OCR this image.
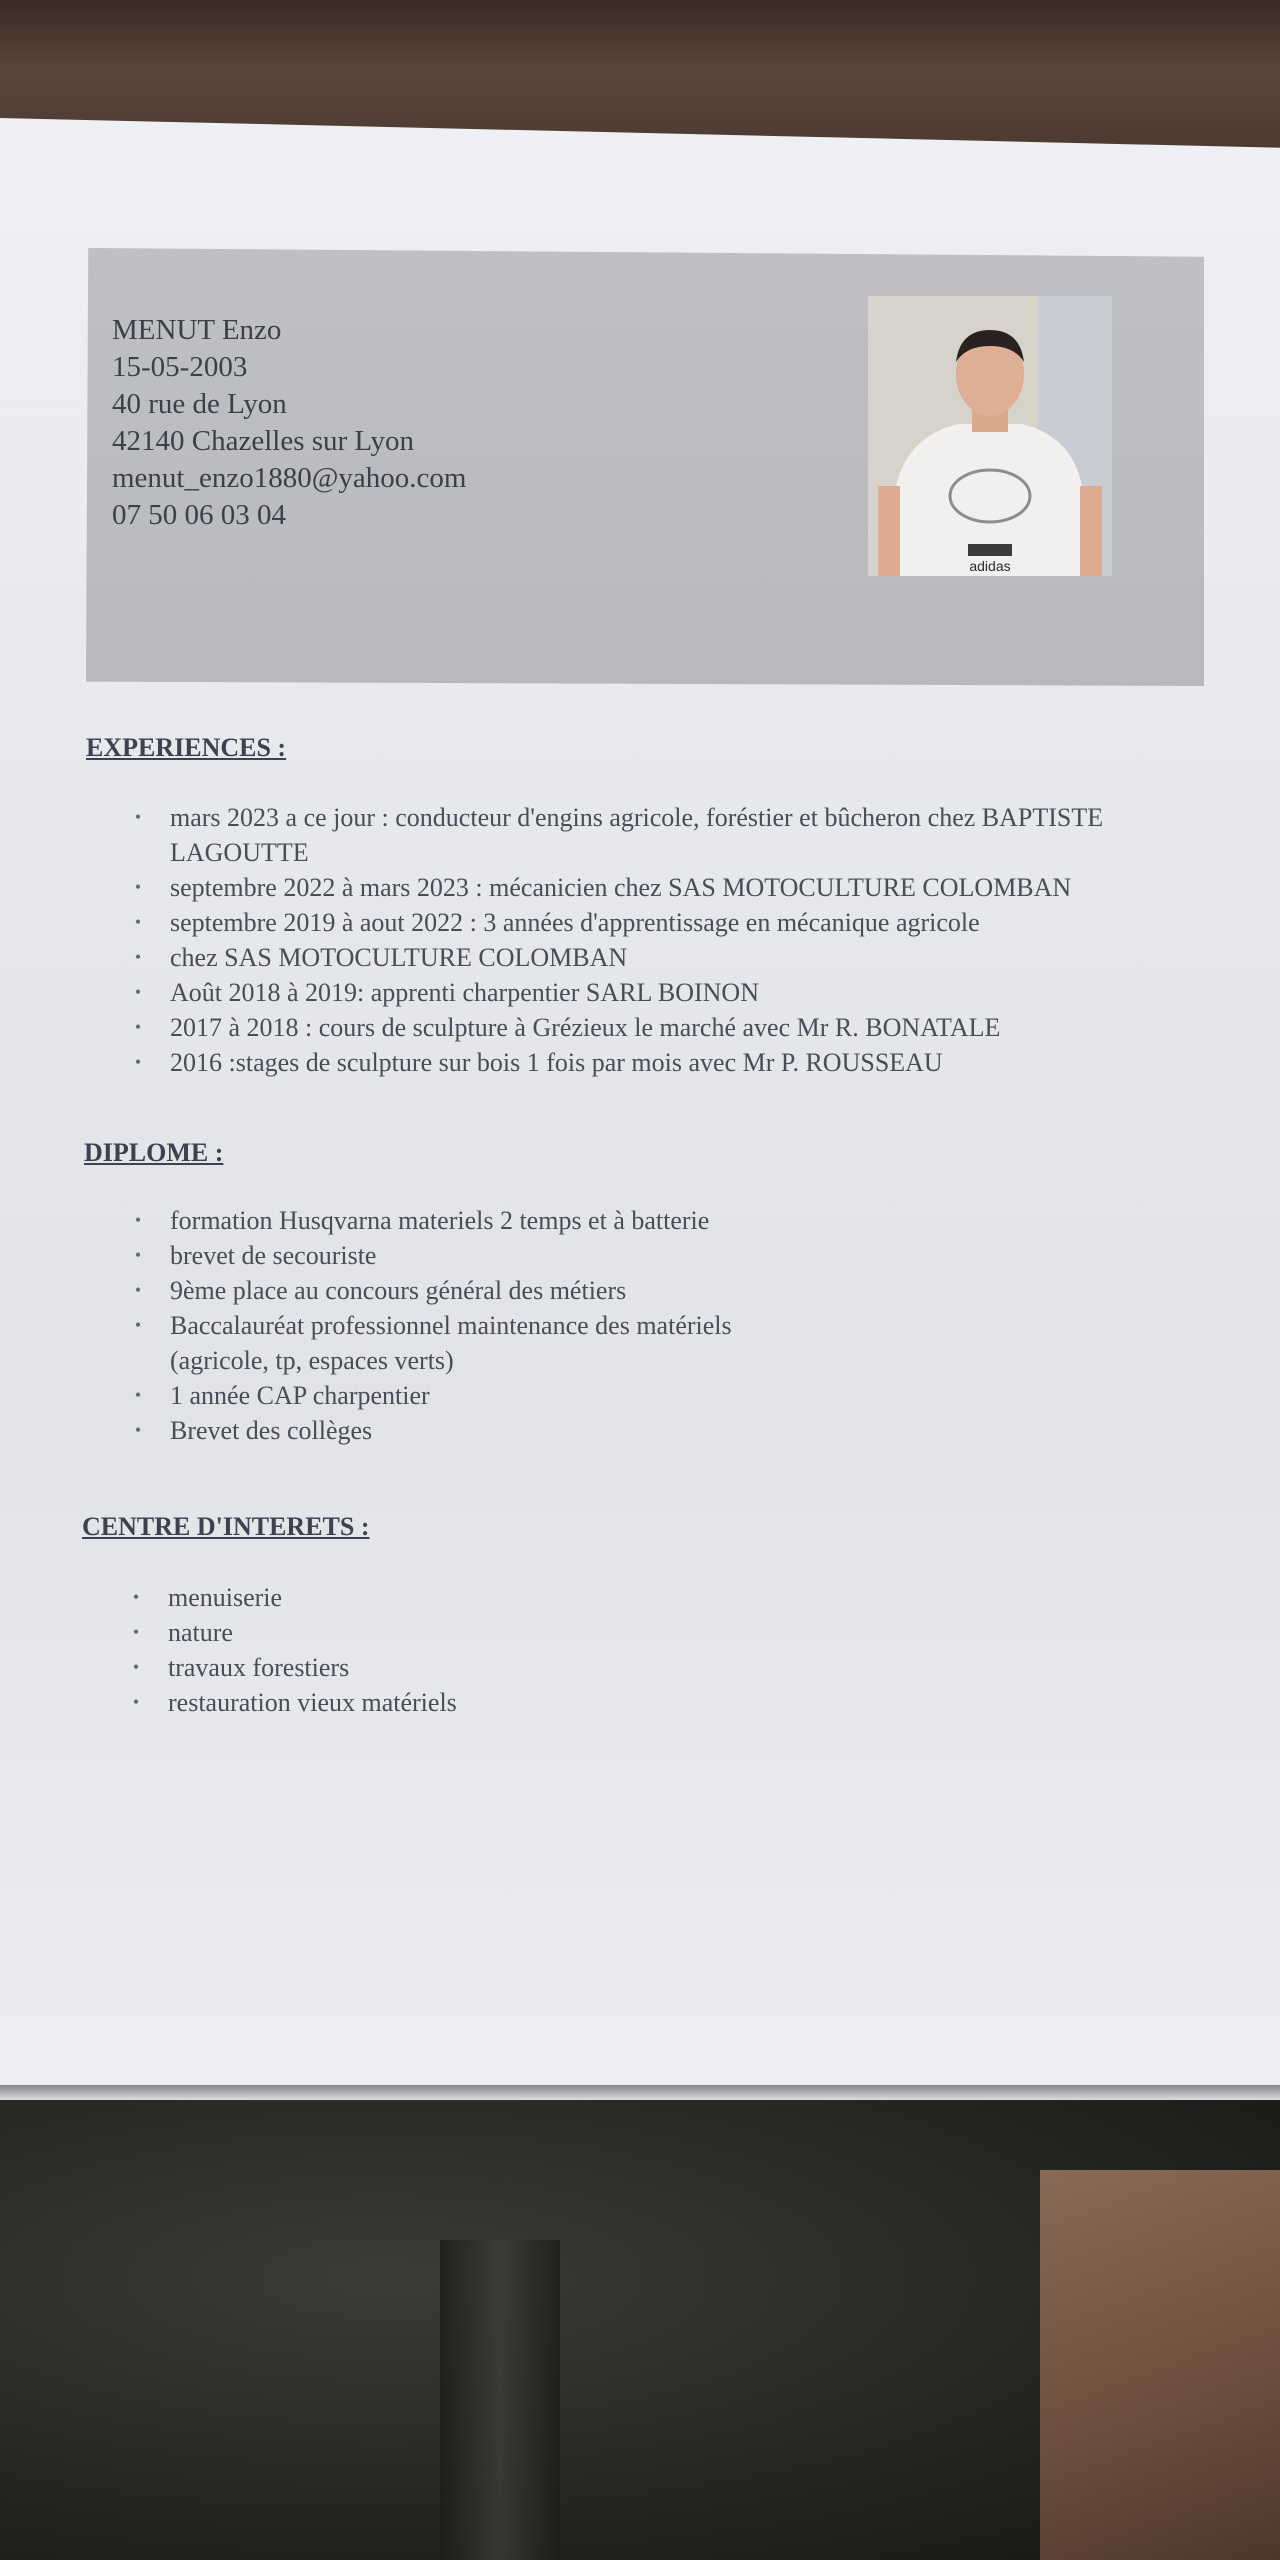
MENUT Enzo
15-05-2003
40 rue de Lyon
42140 Chazelles sur Lyon
menut_enzo1880@yahoo.com
07 50 06 03 04
adidas
EXPERIENCES :
• mars 2023 a ce jour : conducteur d'engins agricole, foréstier et bûcheron chez BAPTISTE
LAGOUTTE
• septembre 2022 à mars 2023 : mécanicien chez SAS MOTOCULTURE COLOMBAN
• septembre 2019 à aout 2022 : 3 années d'apprentissage en mécanique agricole
• chez SAS MOTOCULTURE COLOMBAN
• Août 2018 à 2019: apprenti charpentier SARL BOINON
• 2017 à 2018 : cours de sculpture à Grézieux le marché avec Mr R. BONATALE
• 2016 :stages de sculpture sur bois 1 fois par mois avec Mr P. ROUSSEAU
DIPLOME :
• formation Husqvarna materiels 2 temps et à batterie
• brevet de secouriste
• 9ème place au concours général des métiers
• Baccalauréat professionnel maintenance des matériels
(agricole, tp, espaces verts)
• 1 année CAP charpentier
• Brevet des collèges
CENTRE D'INTERETS :
• menuiserie
• nature
• travaux forestiers
• restauration vieux matériels
